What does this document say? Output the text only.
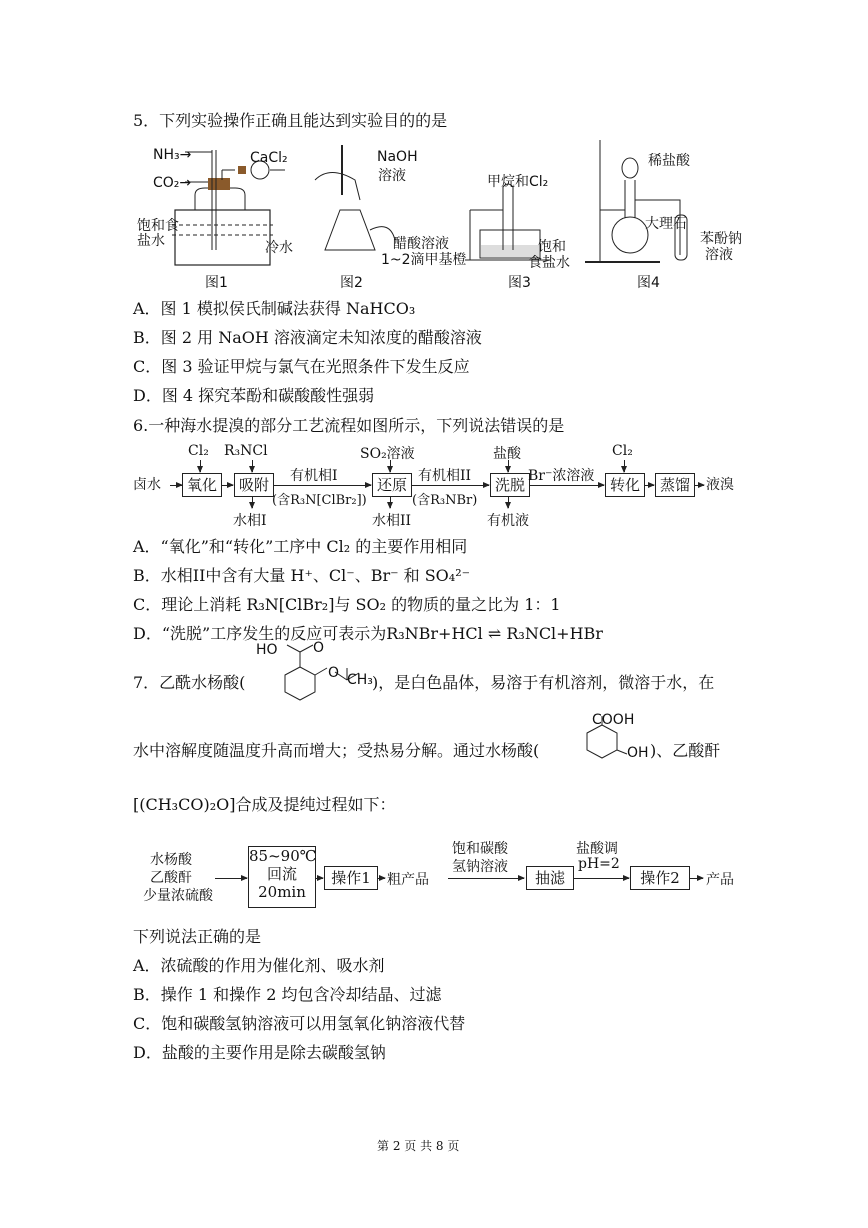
5．下列实验操作正确且能达到实验目的的是
NH₃→
CO₂→
CaCl₂
饱和食
盐水	冷水
图1
NaOH
溶液
醋酸溶液
1~2滴甲基橙
图2
甲烷和Cl₂
饱和
食盐水
图3
稀盐酸
大理石
苯酚钠
溶液
图4
A．图 1 模拟侯氏制碱法获得 NaHCO₃
B．图 2 用 NaOH 溶液滴定未知浓度的醋酸溶液
C．图 3 验证甲烷与氯气在光照条件下发生反应
D．图 4 探究苯酚和碳酸酸性强弱
6.一种海水提溴的部分工艺流程如图所示，下列说法错误的是
卤水	氧化	吸附	还原	洗脱	转化	蒸馏	液溴
Cl₂ R₃NCl	SO₂溶液	盐酸	Cl₂
有机相I
(含R₃N[ClBr₂])
有机相II
(含R₃NBr)
Br⁻浓溶液
水相I	水相II	有机液
A．“氧化”和“转化”工序中 Cl₂ 的主要作用相同
B．水相II中含有大量 H⁺、Cl⁻、Br⁻ 和 SO₄²⁻
C．理论上消耗 R₃N[ClBr₂]与 SO₂ 的物质的量之比为 1：1
D．“洗脱”工序发生的反应可表示为R₃NBr+HCl ⇌ R₃NCl+HBr
7．乙酰水杨酸(
HO	O
O CH₃ )，是白色晶体，易溶于有机溶剂，微溶于水，在
水中溶解度随温度升高而增大；受热易分解。通过水杨酸(
COOH
OH )、乙酸酐
[(CH₃CO)₂O]合成及提纯过程如下：
水杨酸
乙酸酐
少量浓硫酸
85~90℃
回流
20min
操作1	粗产品
饱和碳酸
氢钠溶液
抽滤
盐酸调
pH=2
操作2	产品
下列说法正确的是
A．浓硫酸的作用为催化剂、吸水剂
B．操作 1 和操作 2 均包含冷却结晶、过滤
C．饱和碳酸氢钠溶液可以用氢氧化钠溶液代替
D．盐酸的主要作用是除去碳酸氢钠
第 2 页 共 8 页
